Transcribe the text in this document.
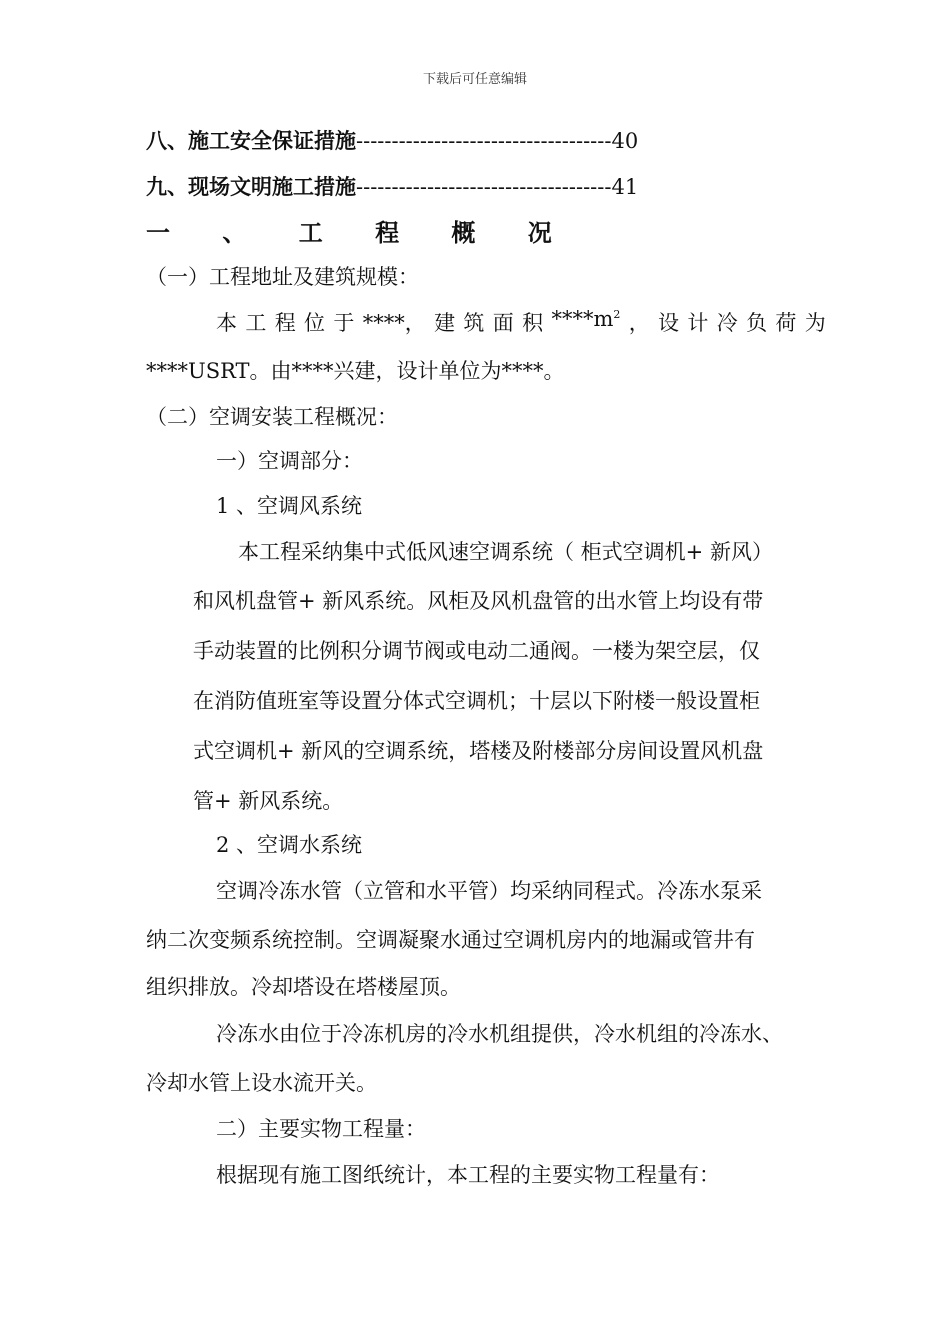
下载后可任意编辑
八、施工安全保证措施------------------------------------40
九、现场文明施工措施------------------------------------41
一 、 工 程 概 况
（一）工程地址及建筑规模：
本 工 程 位 于 ****， 建 筑 面 积 $****m^2$ ， 设 计 冷 负 荷 为
****USRT。由****兴建，设计单位为****。
（二）空调安装工程概况：
一）空调部分：
1 、空调风系统
本工程采纳集中式低风速空调系统（ 柜式空调机+ 新风）
和风机盘管+ 新风系统。风柜及风机盘管的出水管上均设有带
手动装置的比例积分调节阀或电动二通阀。一楼为架空层，仅
在消防值班室等设置分体式空调机；十层以下附楼一般设置柜
式空调机+ 新风的空调系统，塔楼及附楼部分房间设置风机盘
管+ 新风系统。
2 、空调水系统
空调冷冻水管（立管和水平管）均采纳同程式。冷冻水泵采
纳二次变频系统控制。空调凝聚水通过空调机房内的地漏或管井有
组织排放。冷却塔设在塔楼屋顶。
冷冻水由位于冷冻机房的冷水机组提供，冷水机组的冷冻水、
冷却水管上设水流开关。
二）主要实物工程量：
根据现有施工图纸统计，本工程的主要实物工程量有：
